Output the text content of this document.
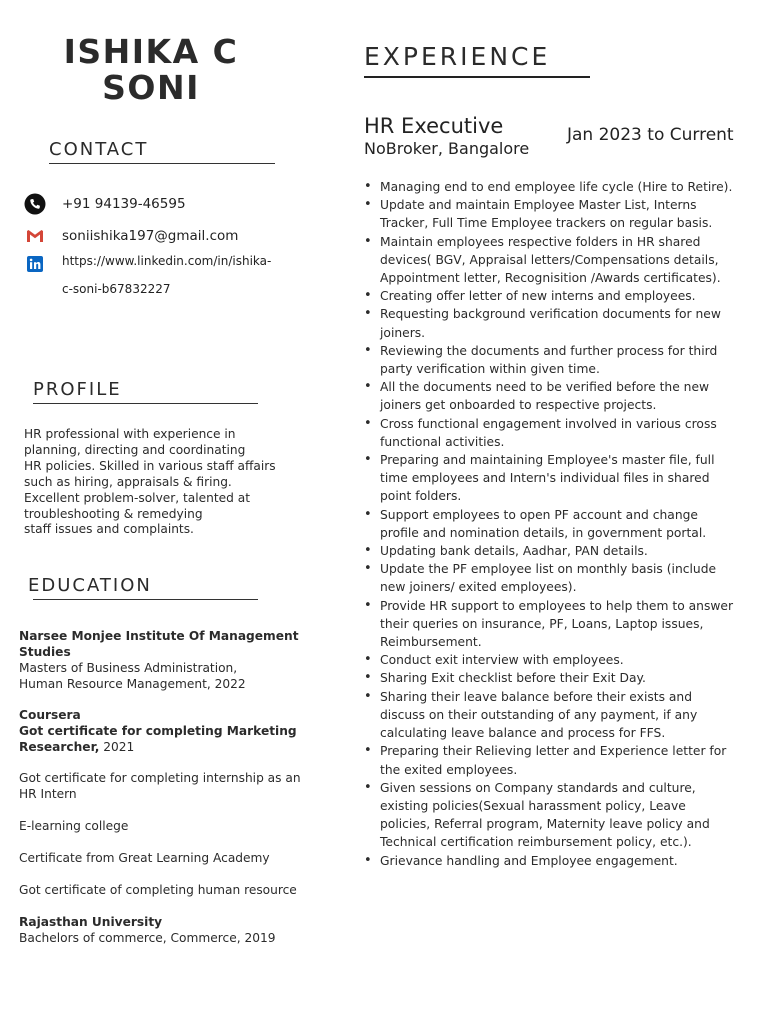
ISHIKA C
SONI
CONTACT
+91 94139-46595
soniishika197@gmail.com
https://www.linkedin.com/in/ishika-
c-soni-b67832227
PROFILE
HR professional with experience in
planning, directing and coordinating
HR policies. Skilled in various staff affairs
such as hiring, appraisals & firing.
Excellent problem-solver, talented at
troubleshooting & remedying
staff issues and complaints.
EDUCATION
Narsee Monjee Institute Of Management
Studies
Masters of Business Administration,
Human Resource Management, 2022
Coursera
Got certificate for completing Marketing
Researcher, 2021
Got certificate for completing internship as an
HR Intern
E-learning college
Certificate from Great Learning Academy
Got certificate of completing human resource
Rajasthan University
Bachelors of commerce, Commerce, 2019
EXPERIENCE
HR Executive
NoBroker, Bangalore
Jan 2023 to Current
• Managing end to end employee life cycle (Hire to Retire).
• Update and maintain Employee Master List, Interns Tracker, Full Time Employee trackers on regular basis.
• Maintain employees respective folders in HR shared devices( BGV, Appraisal letters/Compensations details, Appointment letter, Recognisition /Awards certificates).
• Creating offer letter of new interns and employees.
• Requesting background verification documents for new joiners.
• Reviewing the documents and further process for third party verification within given time.
• All the documents need to be verified before the new joiners get onboarded to respective projects.
• Cross functional engagement involved in various cross functional activities.
• Preparing and maintaining Employee's master file, full time employees and Intern's individual files in shared point folders.
• Support employees to open PF account and change profile and nomination details, in government portal.
• Updating bank details, Aadhar, PAN details.
• Update the PF employee list on monthly basis (include new joiners/ exited employees).
• Provide HR support to employees to help them to answer their queries on insurance, PF, Loans, Laptop issues, Reimbursement.
• Conduct exit interview with employees.
• Sharing Exit checklist before their Exit Day.
• Sharing their leave balance before their exists and discuss on their outstanding of any payment, if any calculating leave balance and process for FFS.
• Preparing their Relieving letter and Experience letter for the exited employees.
• Given sessions on Company standards and culture, existing policies(Sexual harassment policy, Leave policies, Referral program, Maternity leave policy and Technical certification reimbursement policy, etc.).
• Grievance handling and Employee engagement.
